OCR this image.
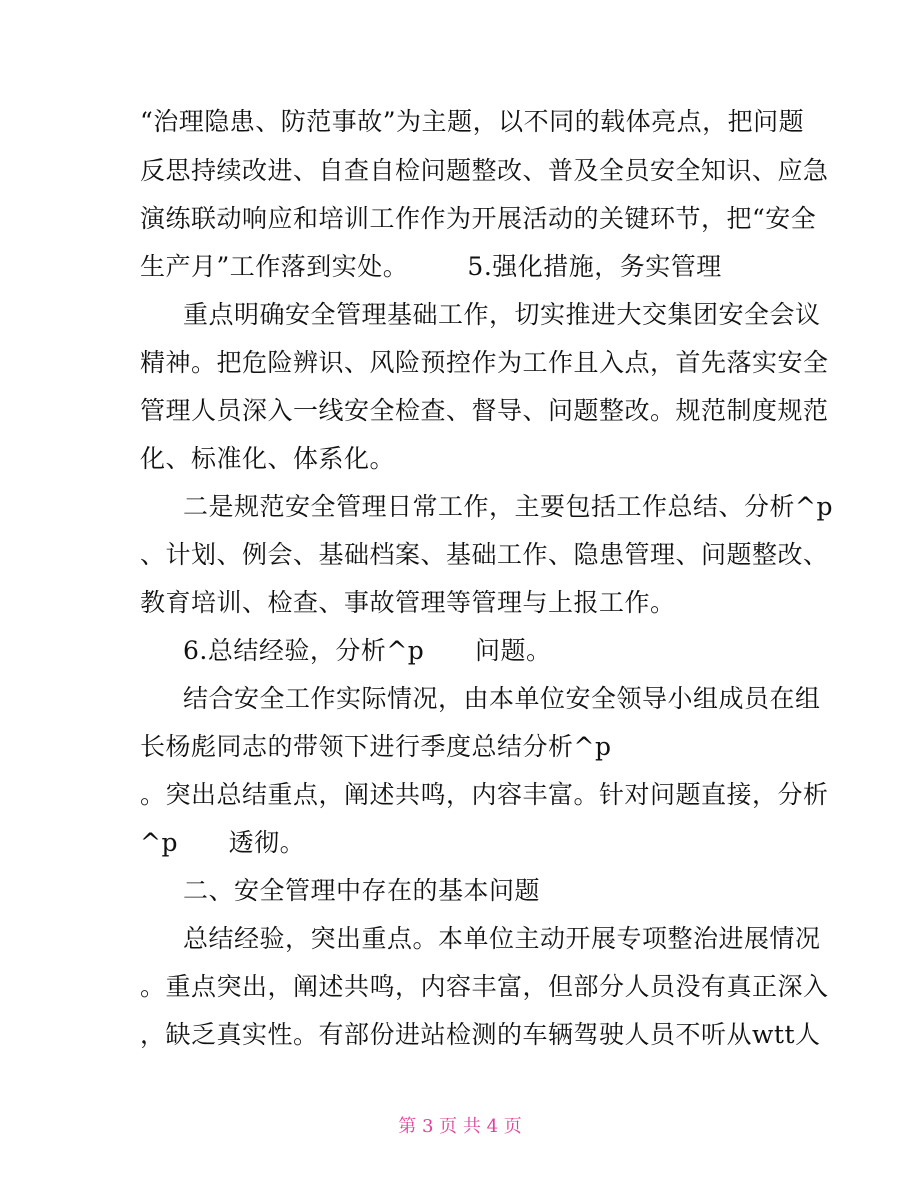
“治理隐患、防范事故”为主题，以不同的载体亮点，把问题
反思持续改进、自查自检问题整改、普及全员安全知识、应急
演练联动响应和培训工作作为开展活动的关键环节，把“安全
生产月”工作落到实处。       5.强化措施，务实管理
重点明确安全管理基础工作，切实推进大交集团安全会议
精神。把危险辨识、风险预控作为工作且入点，首先落实安全
管理人员深入一线安全检查、督导、问题整改。规范制度规范
化、标准化、体系化。
二是规范安全管理日常工作，主要包括工作总结、分析^p
、计划、例会、基础档案、基础工作、隐患管理、问题整改、
教育培训、检查、事故管理等管理与上报工作。
6.总结经验，分析^p      问题。
结合安全工作实际情况，由本单位安全领导小组成员在组
长杨彪同志的带领下进行季度总结分析^p
。突出总结重点，阐述共鸣，内容丰富。针对问题直接，分析
^p      透彻。
二、安全管理中存在的基本问题
总结经验，突出重点。本单位主动开展专项整治进展情况
。重点突出，阐述共鸣，内容丰富，但部分人员没有真正深入
，缺乏真实性。有部份进站检测的车辆驾驶人员不听从wtt人
第 3 页 共 4 页
